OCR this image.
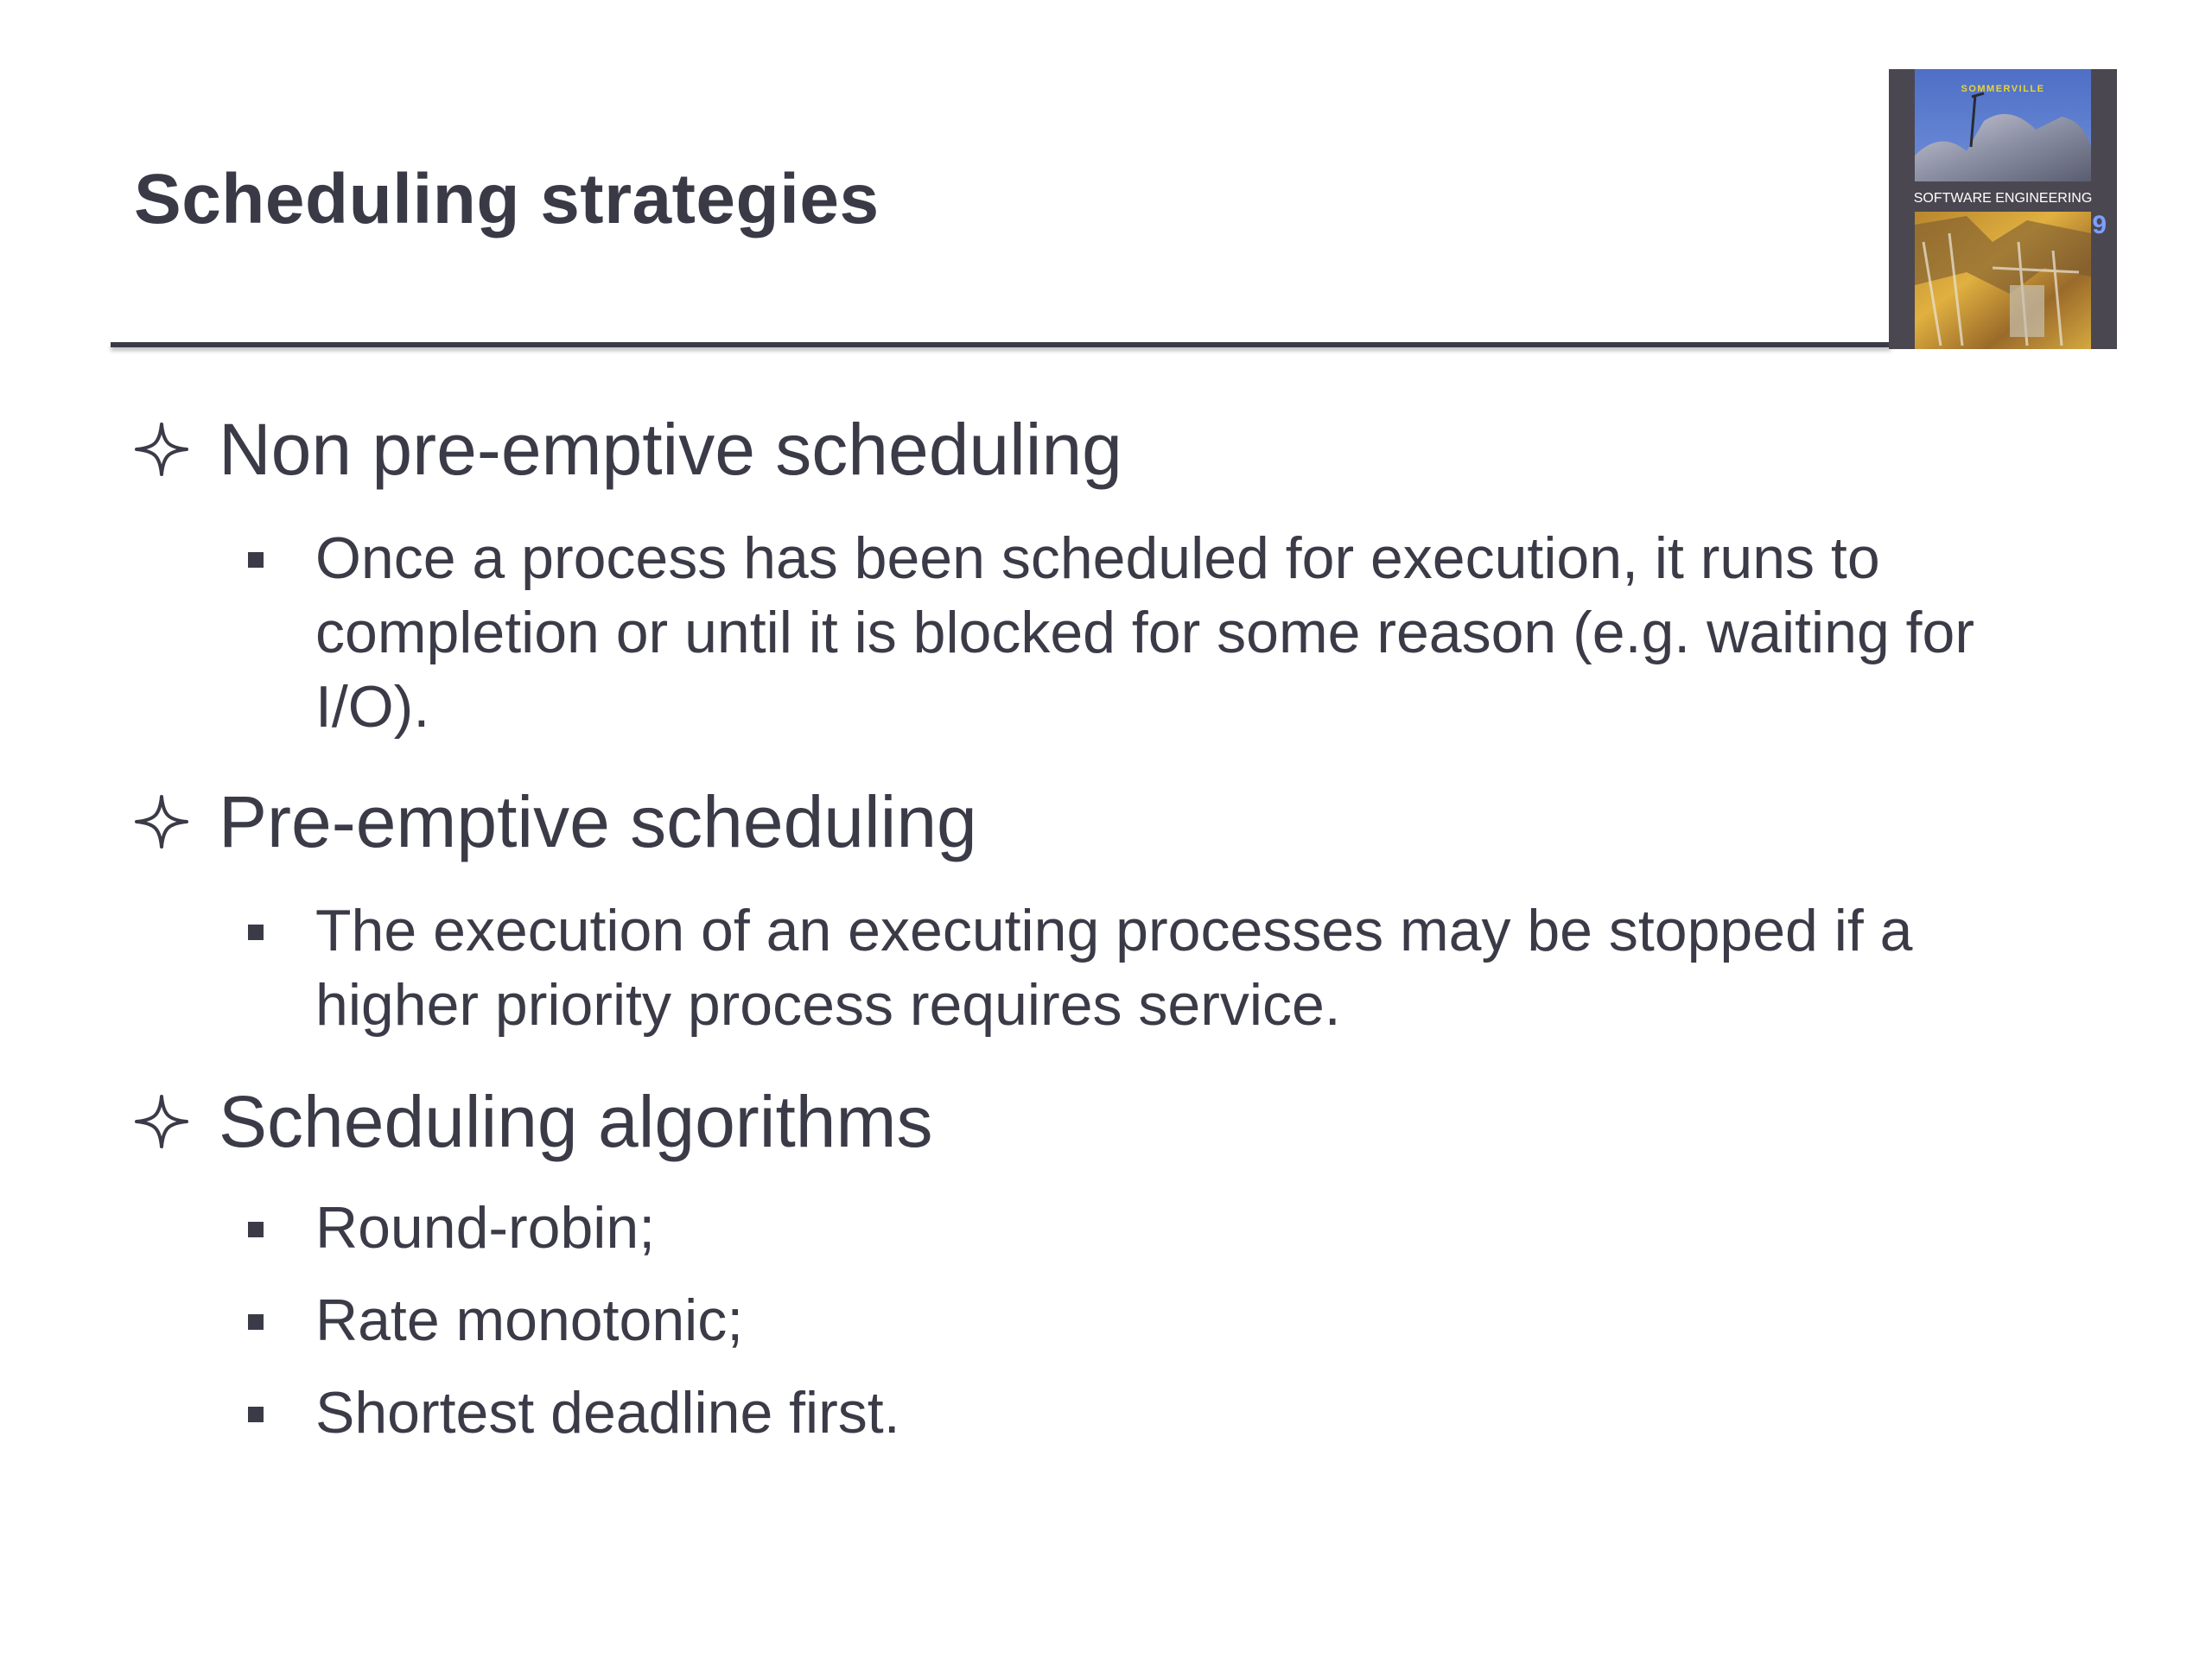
Scheduling strategies
SOMMERVILLE
SOFTWARE ENGINEERING
9
Non pre-emptive scheduling
Once a process has been scheduled for execution, it runs to completion or until it is blocked for some reason (e.g. waiting for I/O).
Pre-emptive scheduling
The execution of an executing processes may be stopped if a higher priority process requires service.
Scheduling algorithms
Round-robin;
Rate monotonic;
Shortest deadline first.
